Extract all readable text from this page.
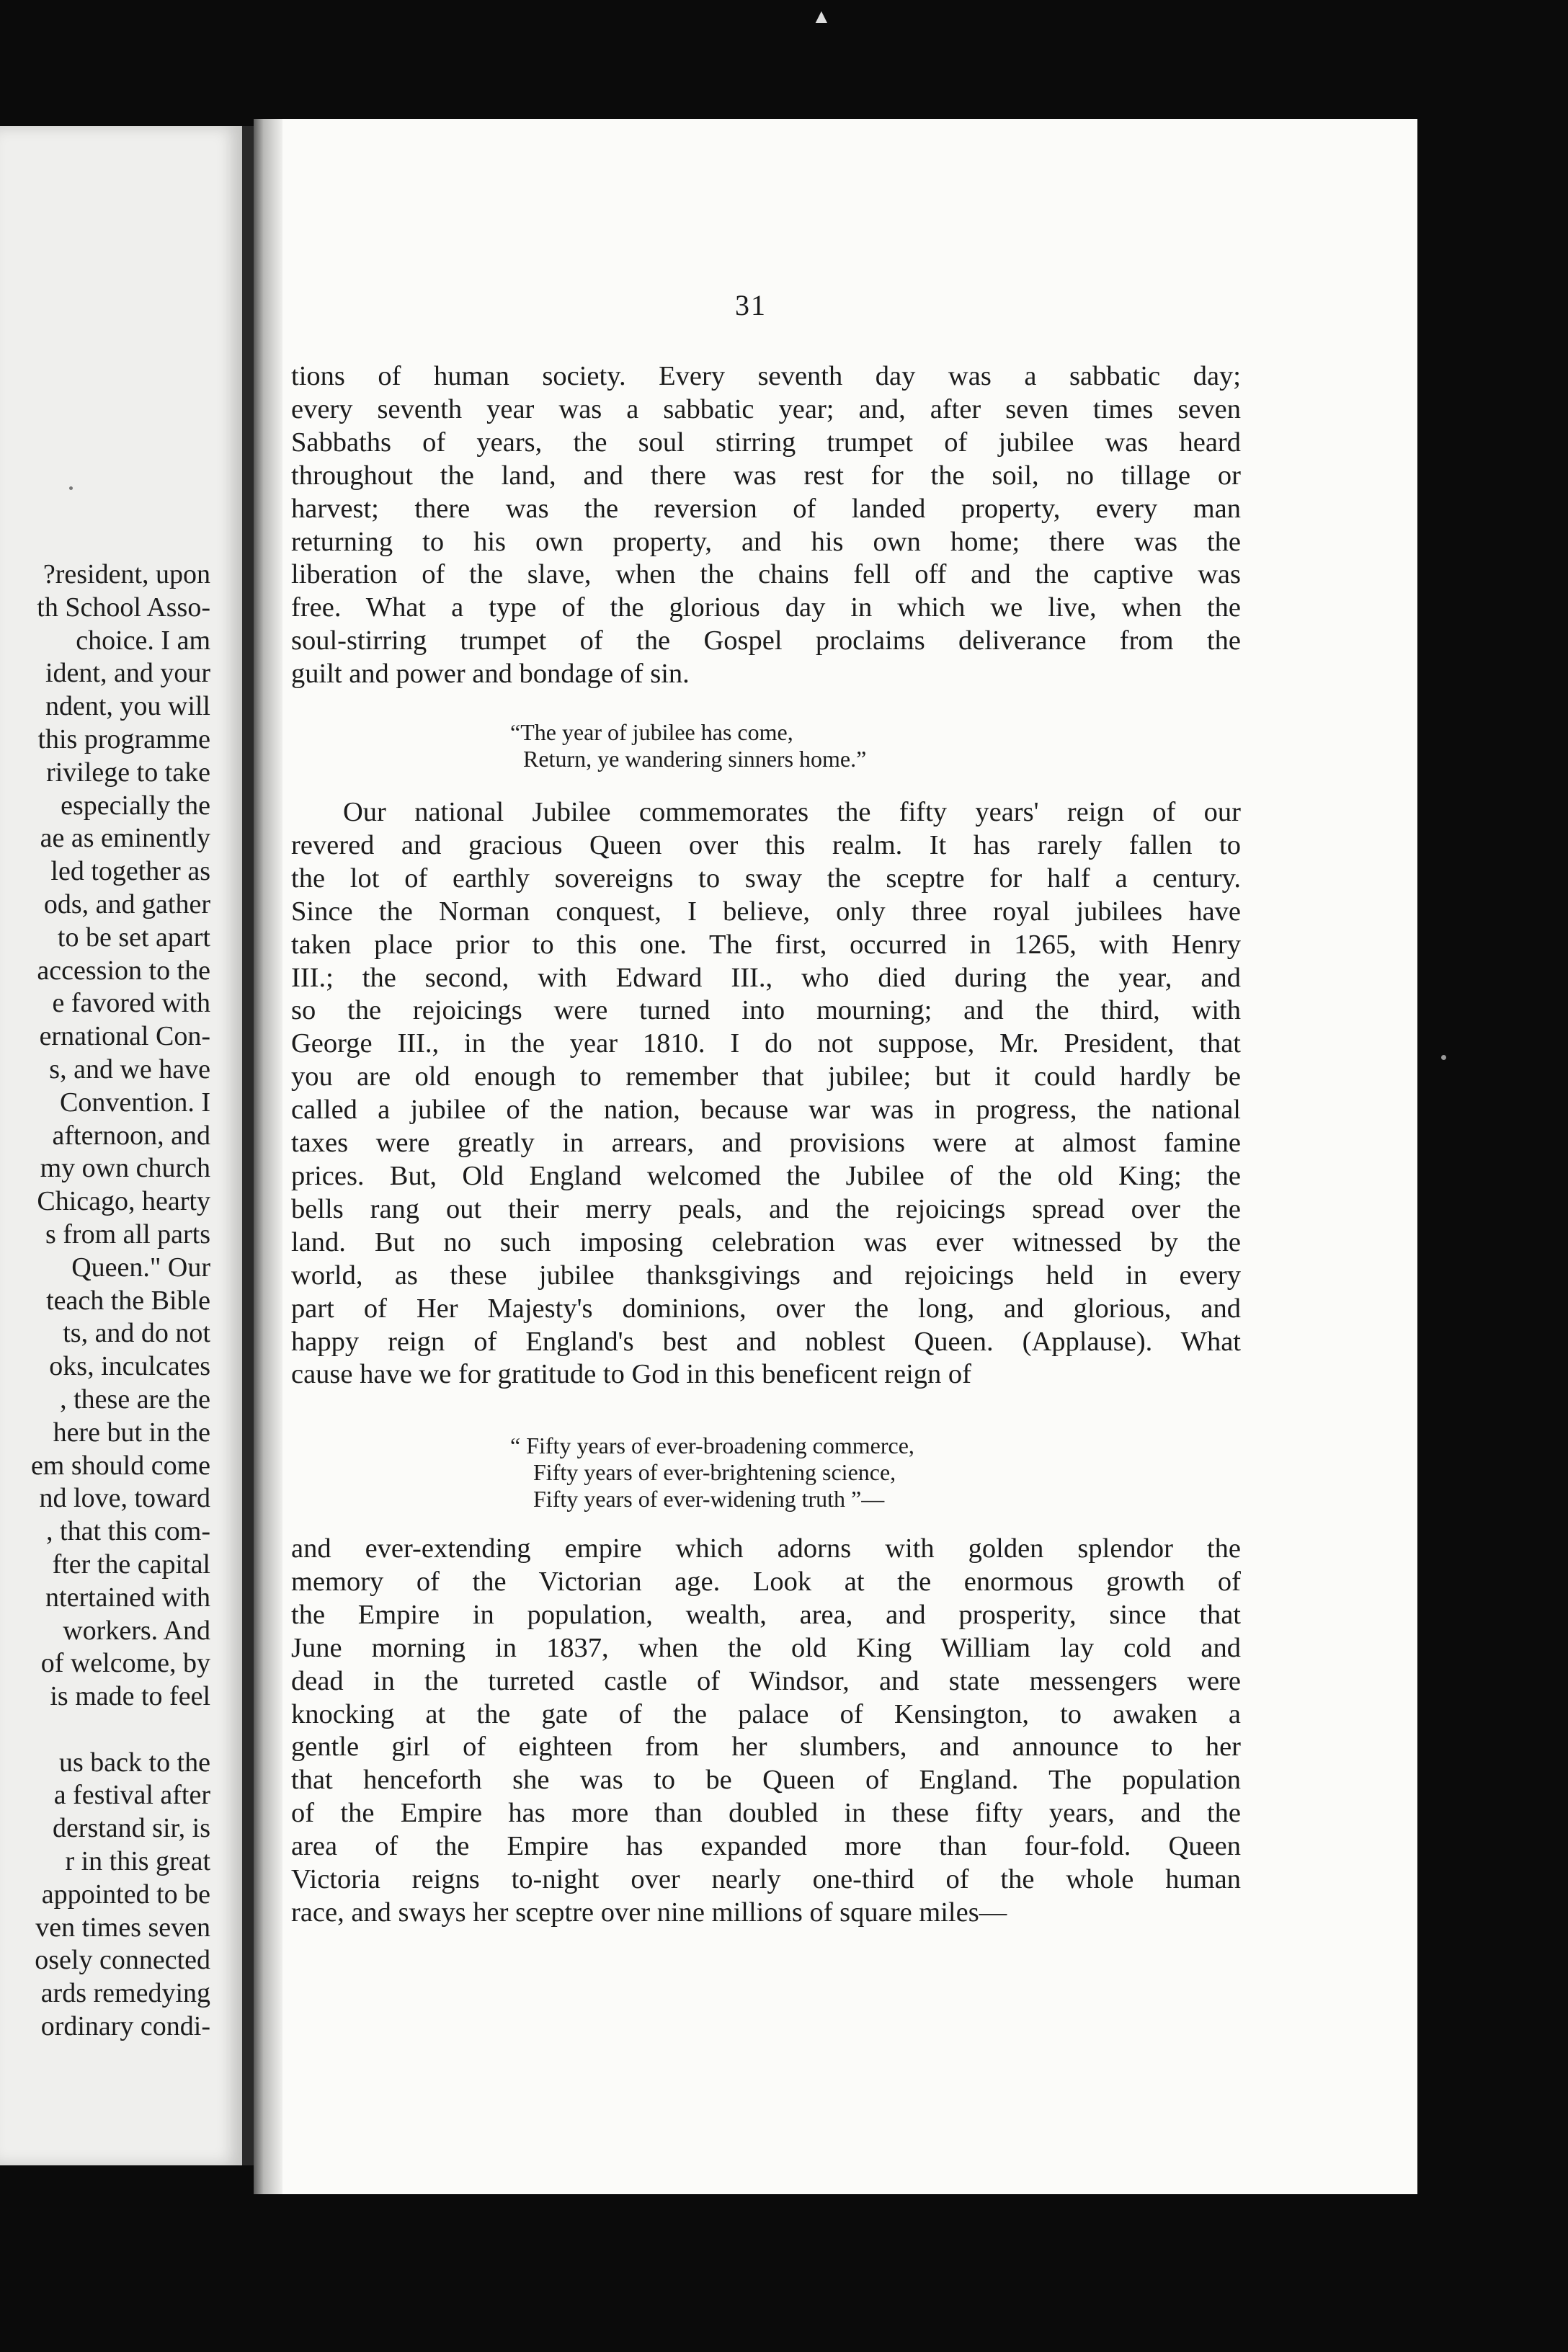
?resident, upon
th School Asso-
choice. I am
ident, and your
ndent, you will
this programme
rivilege to take
especially the
ae as eminently
led together as
ods, and gather
to be set apart
accession to the
e favored with
ernational Con-
s, and we have
Convention. I
afternoon, and
my own church
Chicago, hearty
s from all parts
Queen." Our
teach the Bible
ts, and do not
oks, inculcates
, these are the
here but in the
em should come
nd love, toward
, that this com-
fter the capital
ntertained with
workers. And
of welcome, by
is made to feel

us back to the
a festival after
derstand sir, is
r in this great
appointed to be
ven times seven
osely connected
ards remedying
ordinary condi-
▲
31
tions of human society. Every seventh day was a sabbatic day;
every seventh year was a sabbatic year; and, after seven times seven
Sabbaths of years, the soul stirring trumpet of jubilee was heard
throughout the land, and there was rest for the soil, no tillage or
harvest; there was the reversion of landed property, every man
returning to his own property, and his own home; there was the
liberation of the slave, when the chains fell off and the captive was
free. What a type of the glorious day in which we live, when the
soul-stirring trumpet of the Gospel proclaims deliverance from the
guilt and power and bondage of sin.
“The year of jubilee has come,
Return, ye wandering sinners home.”
Our national Jubilee commemorates the fifty years' reign of our
revered and gracious Queen over this realm. It has rarely fallen to
the lot of earthly sovereigns to sway the sceptre for half a century.
Since the Norman conquest, I believe, only three royal jubilees have
taken place prior to this one. The first, occurred in 1265, with Henry
III.; the second, with Edward III., who died during the year, and
so the rejoicings were turned into mourning; and the third, with
George III., in the year 1810. I do not suppose, Mr. President, that
you are old enough to remember that jubilee; but it could hardly be
called a jubilee of the nation, because war was in progress, the national
taxes were greatly in arrears, and provisions were at almost famine
prices. But, Old England welcomed the Jubilee of the old King; the
bells rang out their merry peals, and the rejoicings spread over the
land. But no such imposing celebration was ever witnessed by the
world, as these jubilee thanksgivings and rejoicings held in every
part of Her Majesty's dominions, over the long, and glorious, and
happy reign of England's best and noblest Queen. (Applause). What
cause have we for gratitude to God in this beneficent reign of
“ Fifty years of ever-broadening commerce,
Fifty years of ever-brightening science,
Fifty years of ever-widening truth ”—
and ever-extending empire which adorns with golden splendor the
memory of the Victorian age. Look at the enormous growth of
the Empire in population, wealth, area, and prosperity, since that
June morning in 1837, when the old King William lay cold and
dead in the turreted castle of Windsor, and state messengers were
knocking at the gate of the palace of Kensington, to awaken a
gentle girl of eighteen from her slumbers, and announce to her
that henceforth she was to be Queen of England. The population
of the Empire has more than doubled in these fifty years, and the
area of the Empire has expanded more than four-fold. Queen
Victoria reigns to-night over nearly one-third of the whole human
race, and sways her sceptre over nine millions of square miles—
